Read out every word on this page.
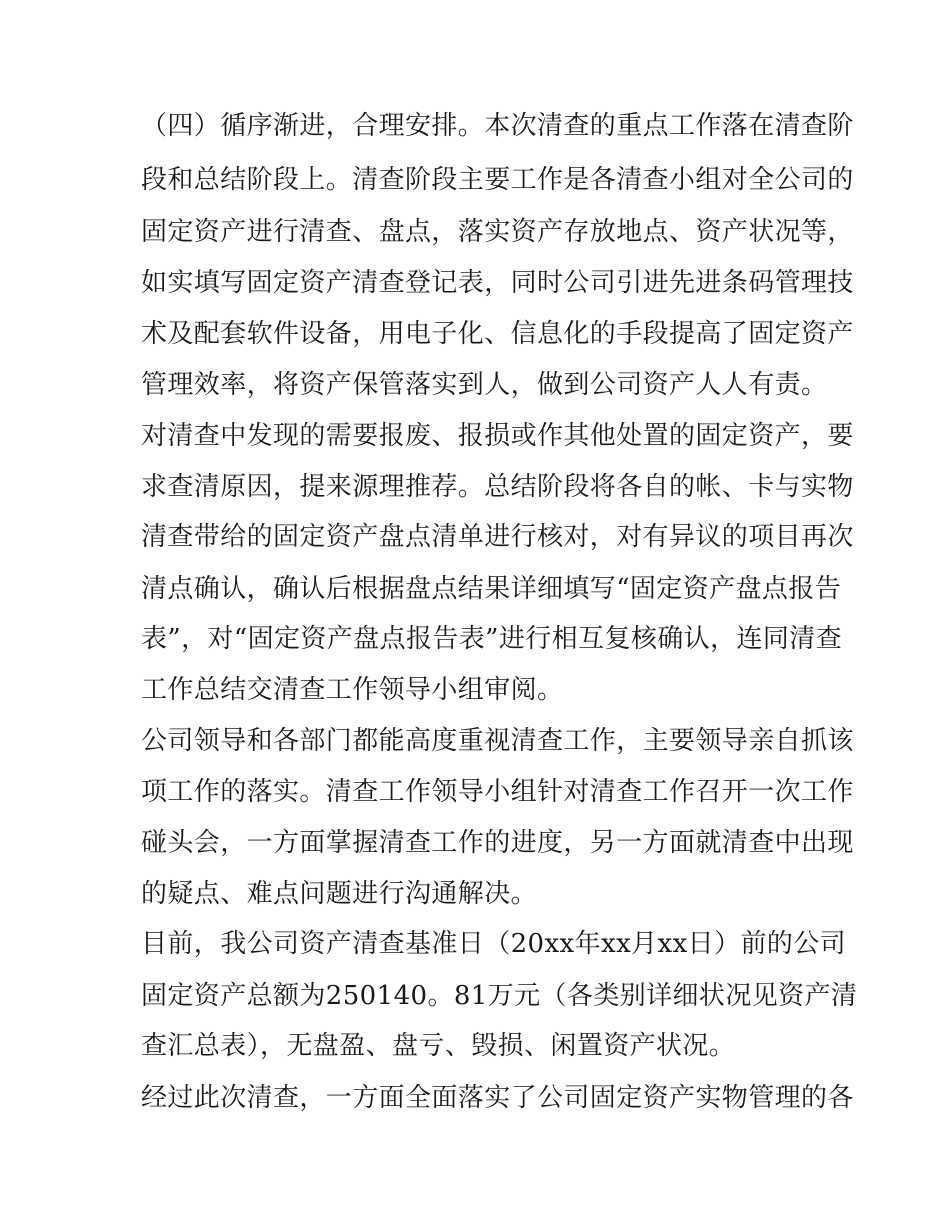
（四）循序渐进，合理安排。本次清查的重点工作落在清查阶

段和总结阶段上。清查阶段主要工作是各清查小组对全公司的

固定资产进行清查、盘点，落实资产存放地点、资产状况等，

如实填写固定资产清查登记表，同时公司引进先进条码管理技

术及配套软件设备，用电子化、信息化的手段提高了固定资产

管理效率，将资产保管落实到人，做到公司资产人人有责。

对清查中发现的需要报废、报损或作其他处置的固定资产，要

求查清原因，提来源理推荐。总结阶段将各自的帐、卡与实物

清查带给的固定资产盘点清单进行核对，对有异议的项目再次

清点确认，确认后根据盘点结果详细填写“固定资产盘点报告

表”，对“固定资产盘点报告表”进行相互复核确认，连同清查

工作总结交清查工作领导小组审阅。

公司领导和各部门都能高度重视清查工作，主要领导亲自抓该

项工作的落实。清查工作领导小组针对清查工作召开一次工作

碰头会，一方面掌握清查工作的进度，另一方面就清查中出现

的疑点、难点问题进行沟通解决。

目前，我公司资产清查基准日（20xx年xx月xx日）前的公司

固定资产总额为250140。81万元（各类别详细状况见资产清

查汇总表），无盘盈、盘亏、毁损、闲置资产状况。

经过此次清查，一方面全面落实了公司固定资产实物管理的各
